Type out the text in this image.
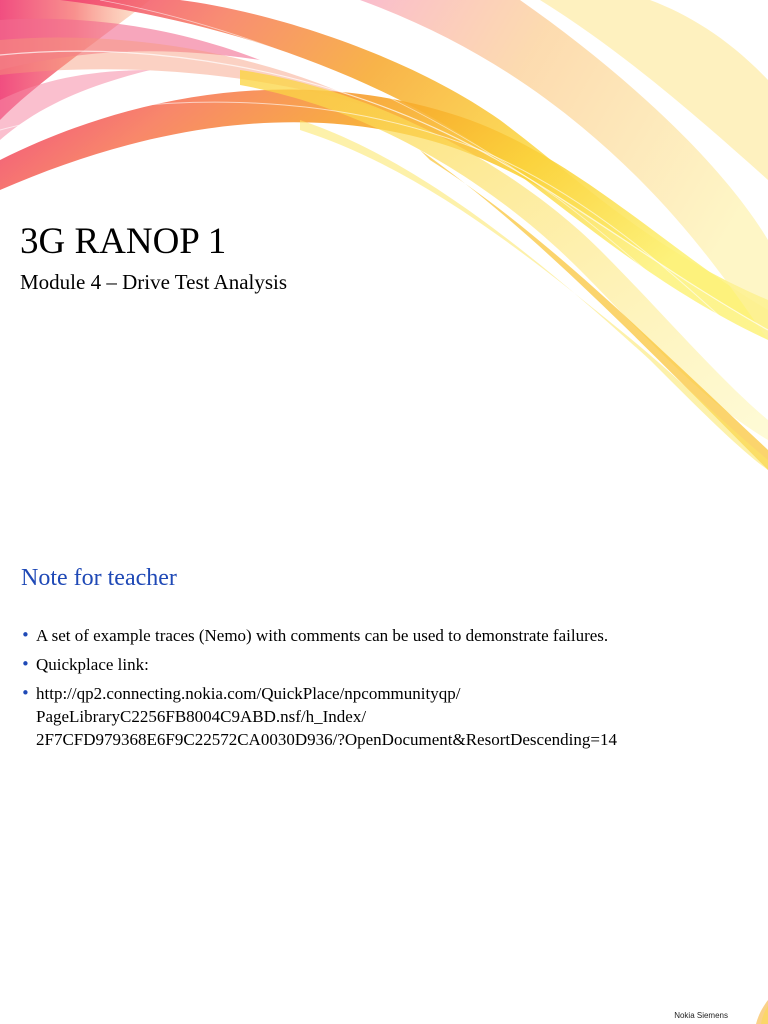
3G RANOP 1
Module 4 – Drive Test Analysis
Note for teacher
• A set of example traces (Nemo) with comments can be used to demonstrate failures.
• Quickplace link:
• http://qp2.connecting.nokia.com/QuickPlace/npcommunityqp/
PageLibraryC2256FB8004C9ABD.nsf/h_Index/
2F7CFD979368E6F9C22572CA0030D936/?OpenDocument&ResortDescending=14
Nokia Siemens
